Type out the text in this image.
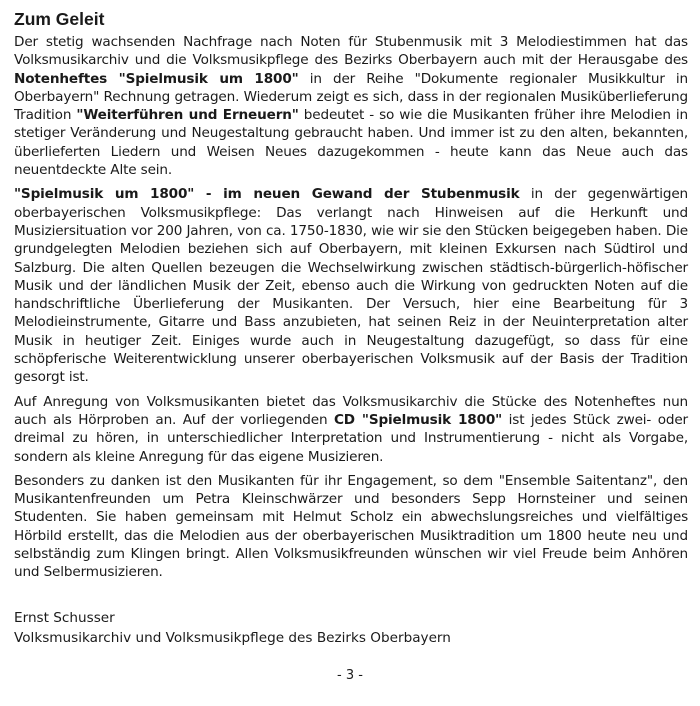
Zum Geleit

Der stetig wachsenden Nachfrage nach Noten für Stubenmusik mit 3 Melodiestimmen hat das Volksmusikarchiv und die Volksmusikpflege des Bezirks Oberbayern auch mit der Herausgabe des Notenheftes "Spielmusik um 1800" in der Reihe "Dokumente regionaler Musikkultur in Oberbayern" Rechnung getragen. Wiederum zeigt es sich, dass in der regionalen Musiküberlieferung Tradition "Weiterführen und Erneuern" bedeutet - so wie die Musikanten früher ihre Melodien in stetiger Veränderung und Neugestaltung gebraucht haben. Und immer ist zu den alten, bekannten, überlieferten Liedern und Weisen Neues dazugekommen - heute kann das Neue auch das neuentdeckte Alte sein.

"Spielmusik um 1800" - im neuen Gewand der Stubenmusik in der gegenwärtigen oberbayerischen Volksmusikpflege: Das verlangt nach Hinweisen auf die Herkunft und Musiziersituation vor 200 Jahren, von ca. 1750-1830, wie wir sie den Stücken beigegeben haben. Die grundgelegten Melodien beziehen sich auf Oberbayern, mit kleinen Exkursen nach Südtirol und Salzburg. Die alten Quellen bezeugen die Wechselwirkung zwischen städtisch-bürgerlich-höfischer Musik und der ländlichen Musik der Zeit, ebenso auch die Wirkung von gedruckten Noten auf die handschriftliche Überlieferung der Musikanten. Der Versuch, hier eine Bearbeitung für 3 Melodieinstrumente, Gitarre und Bass anzubieten, hat seinen Reiz in der Neuinterpretation alter Musik in heutiger Zeit. Einiges wurde auch in Neugestaltung dazugefügt, so dass für eine schöpferische Weiterentwicklung unserer oberbayerischen Volksmusik auf der Basis der Tradition gesorgt ist.

Auf Anregung von Volksmusikanten bietet das Volksmusikarchiv die Stücke des Notenheftes nun auch als Hörproben an. Auf der vorliegenden CD "Spielmusik 1800" ist jedes Stück zwei- oder dreimal zu hören, in unterschiedlicher Interpretation und Instrumentierung - nicht als Vorgabe, sondern als kleine Anregung für das eigene Musizieren.

Besonders zu danken ist den Musikanten für ihr Engagement, so dem "Ensemble Saitentanz", den Musikantenfreunden um Petra Kleinschwärzer und besonders Sepp Hornsteiner und seinen Studenten. Sie haben gemeinsam mit Helmut Scholz ein abwechslungsreiches und vielfältiges Hörbild erstellt, das die Melodien aus der oberbayerischen Musiktradition um 1800 heute neu und selbständig zum Klingen bringt. Allen Volksmusikfreunden wünschen wir viel Freude beim Anhören und Selbermusizieren.

Ernst Schusser
Volksmusikarchiv und Volksmusikpflege des Bezirks Oberbayern
- 3 -
